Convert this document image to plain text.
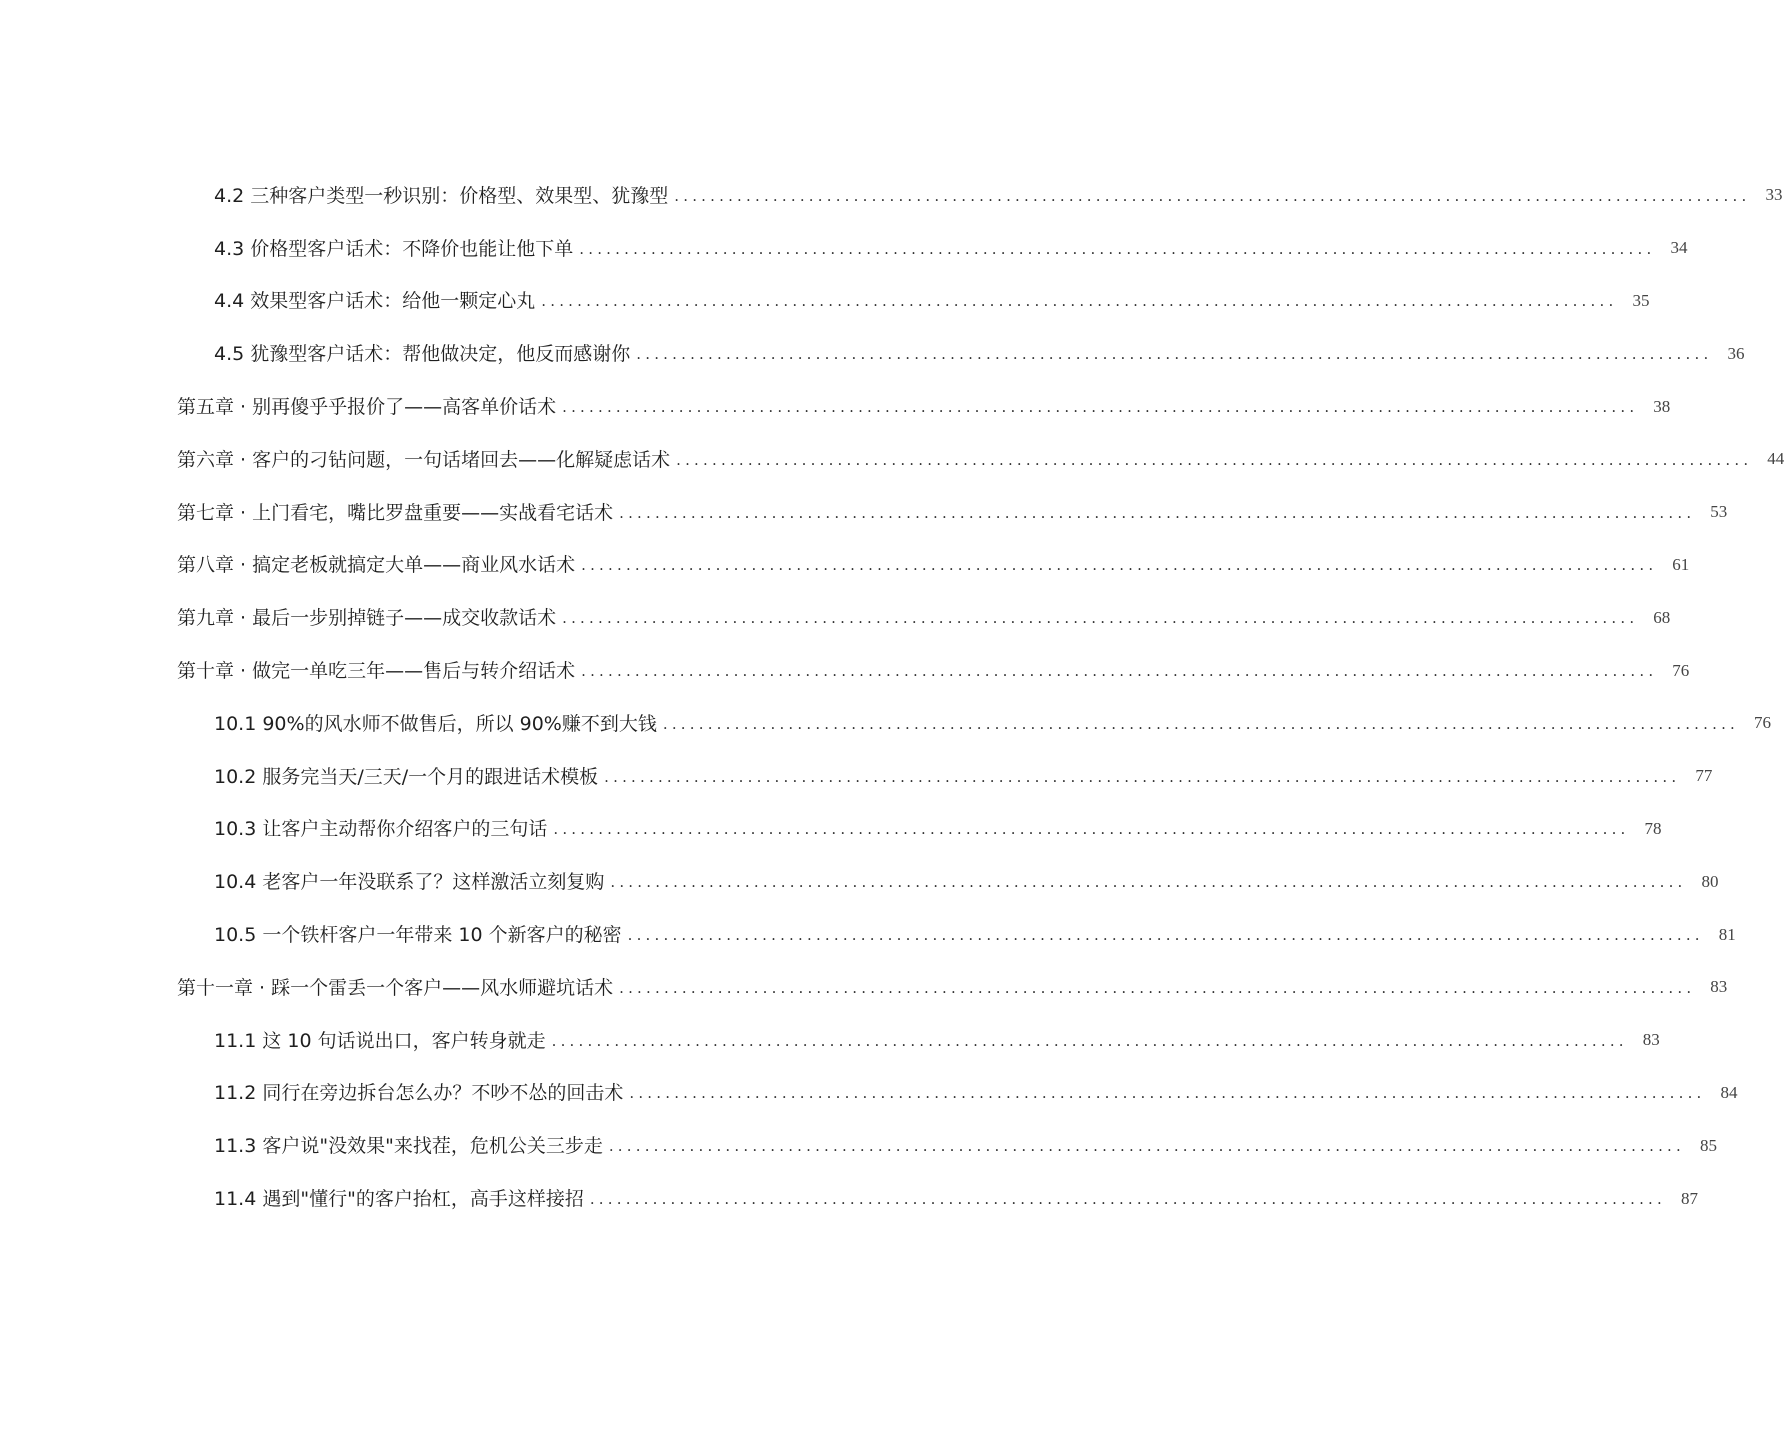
4.2 三种客户类型一秒识别：价格型、效果型、犹豫型 ........................................................................................................................ 33
4.3 价格型客户话术：不降价也能让他下单 ........................................................................................................................ 34
4.4 效果型客户话术：给他一颗定心丸 ........................................................................................................................ 35
4.5 犹豫型客户话术：帮他做决定，他反而感谢你 ........................................................................................................................ 36
第五章 · 别再傻乎乎报价了——高客单价话术 ........................................................................................................................ 38
第六章 · 客户的刁钻问题，一句话堵回去——化解疑虑话术 ........................................................................................................................ 44
第七章 · 上门看宅，嘴比罗盘重要——实战看宅话术 ........................................................................................................................ 53
第八章 · 搞定老板就搞定大单——商业风水话术 ........................................................................................................................ 61
第九章 · 最后一步别掉链子——成交收款话术 ........................................................................................................................ 68
第十章 · 做完一单吃三年——售后与转介绍话术 ........................................................................................................................ 76
10.1 90%的风水师不做售后，所以 90%赚不到大钱 ........................................................................................................................ 76
10.2 服务完当天/三天/一个月的跟进话术模板 ........................................................................................................................ 77
10.3 让客户主动帮你介绍客户的三句话 ........................................................................................................................ 78
10.4 老客户一年没联系了？这样激活立刻复购 ........................................................................................................................ 80
10.5 一个铁杆客户一年带来 10 个新客户的秘密 ........................................................................................................................ 81
第十一章 · 踩一个雷丢一个客户——风水师避坑话术 ........................................................................................................................ 83
11.1 这 10 句话说出口，客户转身就走 ........................................................................................................................ 83
11.2 同行在旁边拆台怎么办？不吵不怂的回击术 ........................................................................................................................ 84
11.3 客户说"没效果"来找茬，危机公关三步走 ........................................................................................................................ 85
11.4 遇到"懂行"的客户抬杠，高手这样接招 ........................................................................................................................ 87
